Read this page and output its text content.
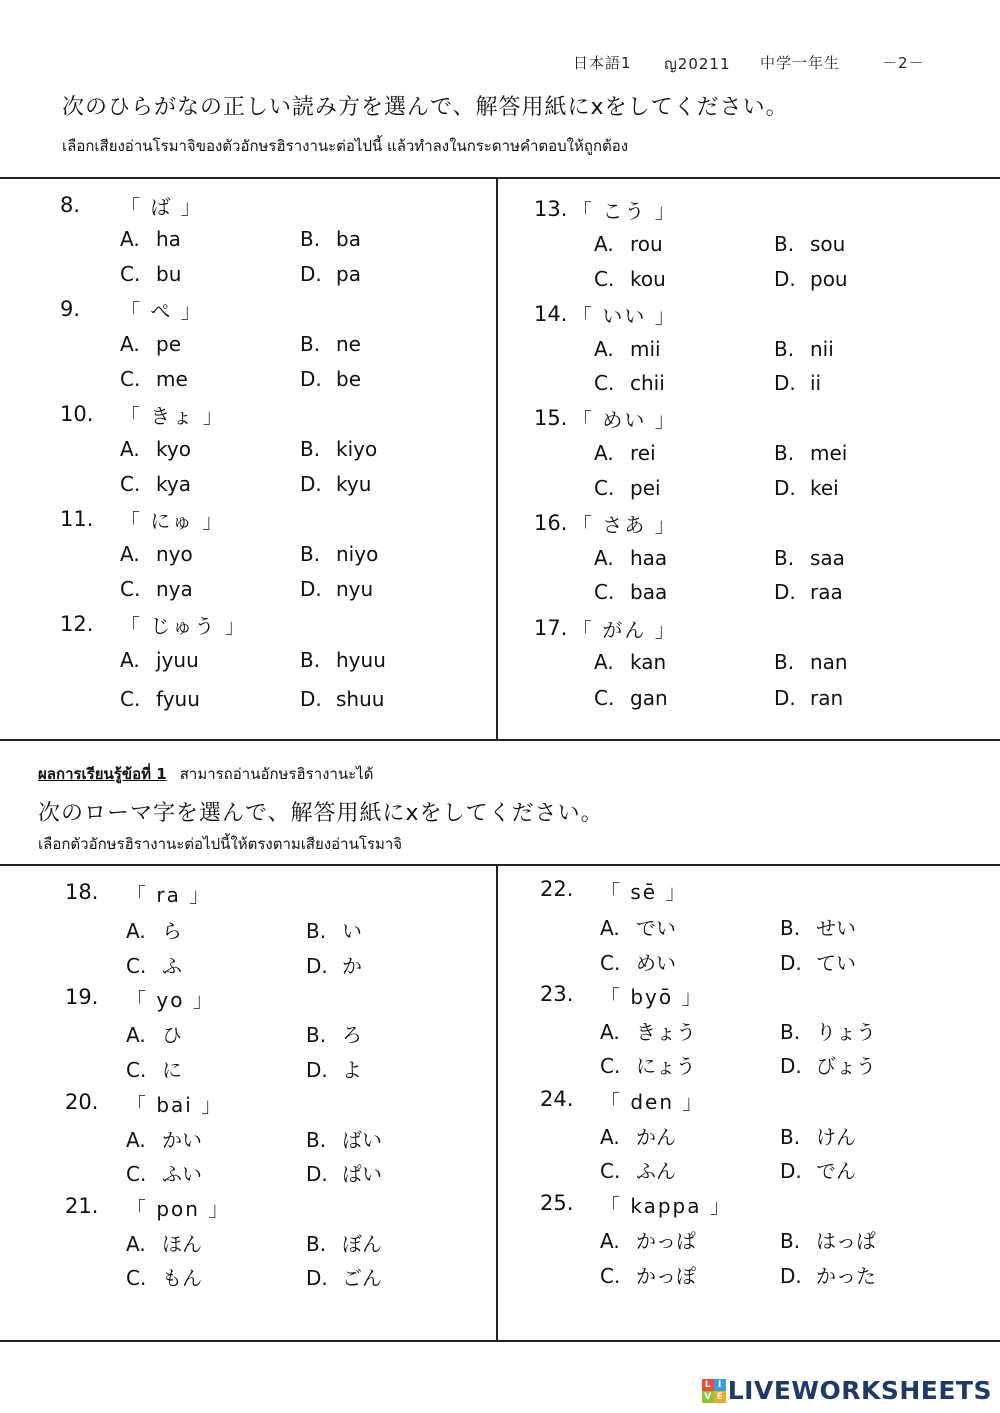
日本語1 ญ20211 中学一年生	－2－
次のひらがなの正しい読み方を選んで、解答用紙にxをしてください。
เลือกเสียงอ่านโรมาจิของตัวอักษรฮิรางานะต่อไปนี้ แล้วทำลงในกระดาษคำตอบให้ถูกต้อง
ผลการเรียนรู้ข้อที่ 1 สามารถอ่านอักษรฮิรางานะได้
次のローマ字を選んで、解答用紙にxをしてください。
เลือกตัวอักษรฮิรางานะต่อไปนี้ให้ตรงตามเสียงอ่านโรมาจิ
8. 「 ば 」
A. ha	B. ba
C. bu	D. pa
9. 「 ぺ 」
A. pe	B. ne
C. me	D. be
10. 「 きょ 」
A. kyo	B. kiyo
C. kya	D. kyu
11. 「 にゅ 」
A. nyo	B. niyo
C. nya	D. nyu
12. 「 じゅう 」
A. jyuu	B. hyuu
C. fyuu	D. shuu
13. 「 こう 」
A. rou	B. sou
C. kou	D. pou
14. 「 いい 」
A. mii	B. nii
C. chii	D. ii
15. 「 めい 」
A. rei	B. mei
C. pei	D. kei
16. 「 さあ 」
A. haa	B. saa
C. baa	D. raa
17. 「 がん 」
A. kan	B. nan
C. gan	D. ran
18. 「 ra 」
A. ら	B. い
C. ふ	D. か
19. 「 yo 」
A. ひ	B. ろ
C. に	D. よ
20. 「 bai 」
A. かい	B. ばい
C. ふい	D. ぱい
21. 「 pon 」
A. ほん	B. ぼん
C. もん	D. ごん
22. 「 sē 」
A. でい	B. せい
C. めい	D. てい
23. 「 byō 」
A. きょう	B. りょう
C. にょう	D. びょう
24. 「 den 」
A. かん	B. けん
C. ふん	D. でん
25. 「 kappa 」
A. かっぱ	B. はっぱ
C. かっぽ	D. かった
L I
V E LIVEWORKSHEETS
